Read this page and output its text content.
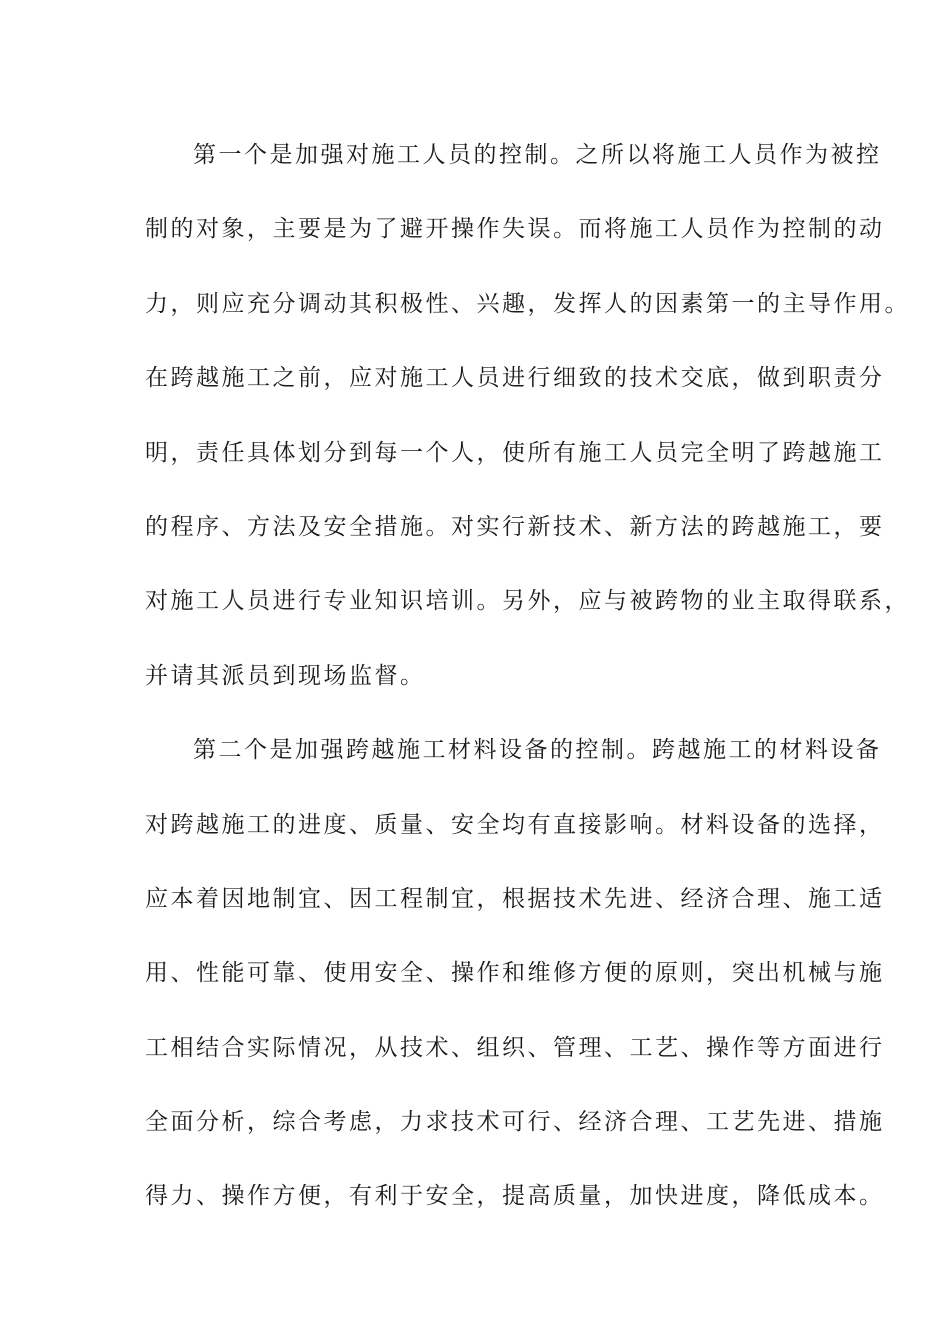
第一个是加强对施工人员的控制。之所以将施工人员作为被控
制的对象，主要是为了避开操作失误。而将施工人员作为控制的动
力，则应充分调动其积极性、兴趣，发挥人的因素第一的主导作用。
在跨越施工之前，应对施工人员进行细致的技术交底，做到职责分
明，责任具体划分到每一个人，使所有施工人员完全明了跨越施工
的程序、方法及安全措施。对实行新技术、新方法的跨越施工，要
对施工人员进行专业知识培训。另外，应与被跨物的业主取得联系，
并请其派员到现场监督。
第二个是加强跨越施工材料设备的控制。跨越施工的材料设备
对跨越施工的进度、质量、安全均有直接影响。材料设备的选择，
应本着因地制宜、因工程制宜，根据技术先进、经济合理、施工适
用、性能可靠、使用安全、操作和维修方便的原则，突出机械与施
工相结合实际情况，从技术、组织、管理、工艺、操作等方面进行
全面分析，综合考虑，力求技术可行、经济合理、工艺先进、措施
得力、操作方便，有利于安全，提高质量，加快进度，降低成本。
